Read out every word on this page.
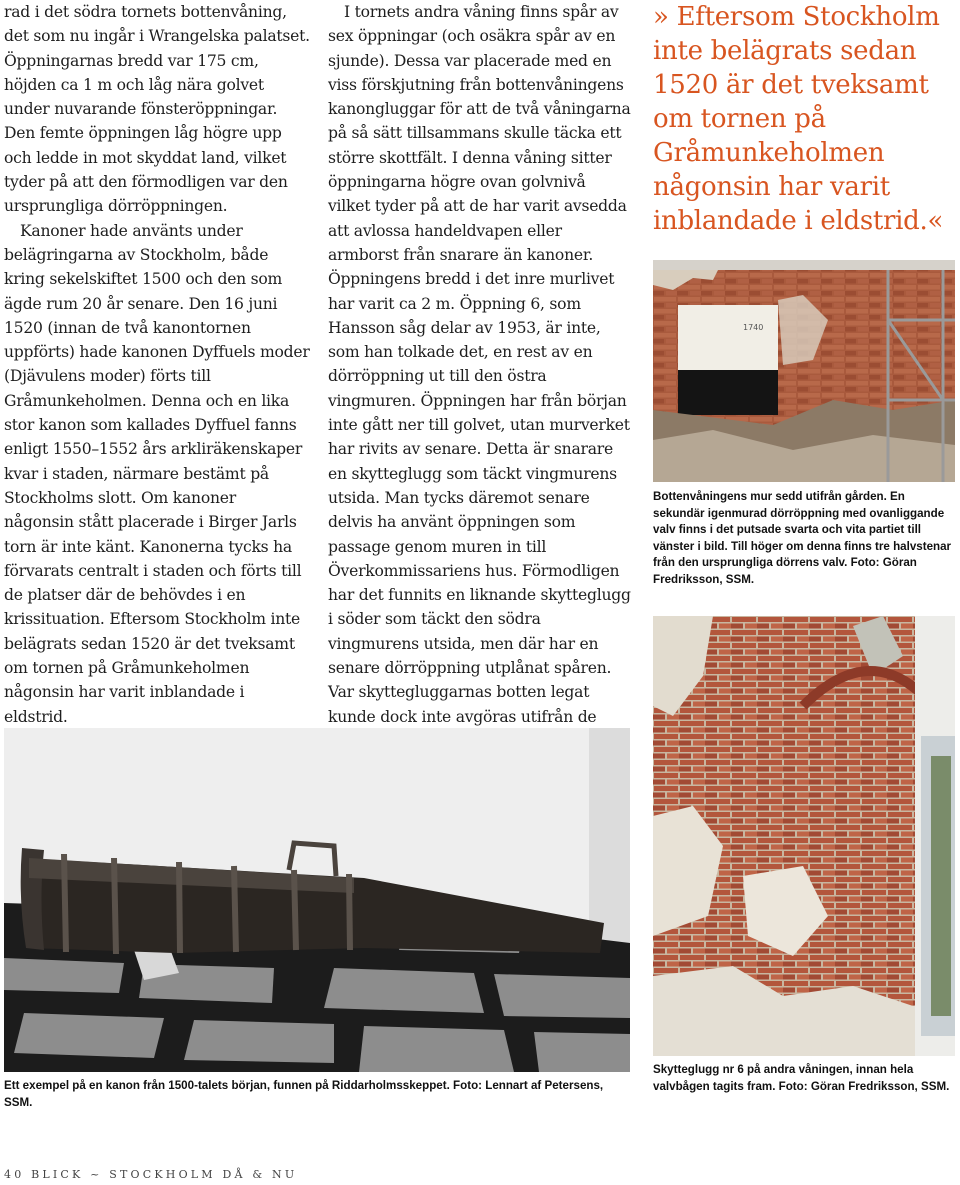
rad i det södra tornets bottenvåning, det som nu ingår i Wrangelska palatset. Öppningarnas bredd var 175 cm, höjden ca 1 m och låg nära golvet under nuvarande fönsteröppningar. Den femte öppningen låg högre upp och ledde in mot skyddat land, vilket tyder på att den förmodligen var den ursprungliga dörröppningen.

Kanoner hade använts under belägringarna av Stockholm, både kring sekelskiftet 1500 och den som ägde rum 20 år senare. Den 16 juni 1520 (innan de två kanontornen uppförts) hade kanonen Dyffuels moder (Djävulens moder) förts till Gråmunkeholmen. Denna och en lika stor kanon som kallades Dyffuel fanns enligt 1550–1552 års arkliräkenskaper kvar i staden, närmare bestämt på Stockholms slott. Om kanoner någonsin stått placerade i Birger Jarls torn är inte känt. Kanonerna tycks ha förvarats centralt i staden och förts till de platser där de behövdes i en krissituation. Eftersom Stockholm inte belägrats sedan 1520 är det tveksamt om tornen på Gråmunkeholmen någonsin har varit inblandade i eldstrid.

I tornets andra våning finns spår av sex öppningar (och osäkra spår av en sjunde). Dessa var placerade med en viss förskjutning från bottenvåningens kanongluggar för att de två våningarna på så sätt tillsammans skulle täcka ett större skottfält. I denna våning sitter öppningarna högre ovan golvnivå vilket tyder på att de har varit avsedda att avlossa handeldvapen eller armborst från snarare än kanoner. Öppningens bredd i det inre murlivet har varit ca 2 m. Öppning 6, som Hansson såg delar av 1953, är inte, som han tolkade det, en rest av en dörröppning ut till den östra vingmuren. Öppningen har från början inte gått ner till golvet, utan murverket har rivits av senare. Detta är snarare en skytteglugg som täckt vingmurens utsida. Man tycks däremot senare delvis ha använt öppningen som passage genom muren in till Överkommissariens hus. Förmodligen har det funnits en liknande skytteglugg i söder som täckt den södra vingmurens utsida, men där har en senare dörröppning utplånat spåren. Var skyttegluggarnas botten legat kunde dock inte avgöras utifrån de

» Eftersom Stockholm inte belägrats sedan 1520 är det tveksamt om tornen på Gråmunkeholmen någonsin har varit inblandade i eldstrid.«
1740
Bottenvåningens mur sedd utifrån gården. En sekundär igenmurad dörröppning med ovanliggande valv finns i det putsade svarta och vita partiet till vänster i bild. Till höger om denna finns tre halvstenar från den ursprungliga dörrens valv. Foto: Göran Fredriksson, SSM.
Skytteglugg nr 6 på andra våningen, innan hela valvbågen tagits fram. Foto: Göran Fredriksson, SSM.
Ett exempel på en kanon från 1500-talets början, funnen på Riddarholmsskeppet. Foto: Lennart af Petersens, SSM.
40 BLICK ~ STOCKHOLM DÅ & NU
